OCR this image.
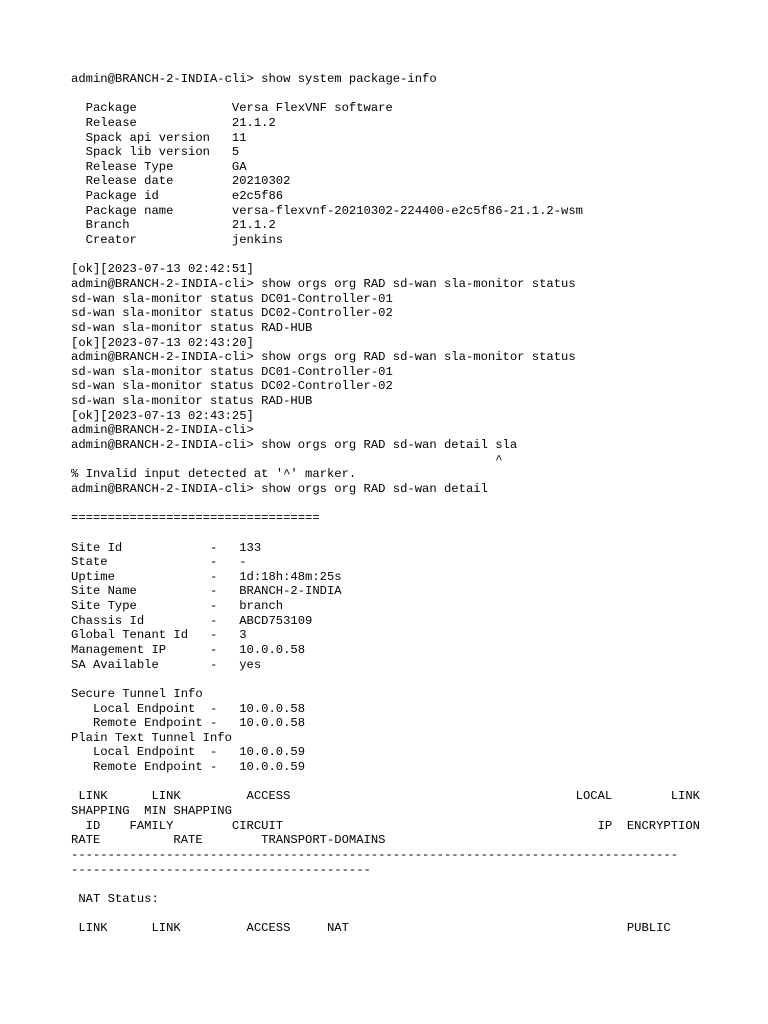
admin@BRANCH-2-INDIA-cli> show system package-info
Package             Versa FlexVNF software
Release             21.1.2
Spack api version   11
Spack lib version   5
Release Type        GA
Release date        20210302
Package id          e2c5f86
Package name        versa-flexvnf-20210302-224400-e2c5f86-21.1.2-wsm
Branch              21.1.2
Creator             jenkins
[ok][2023-07-13 02:42:51]
admin@BRANCH-2-INDIA-cli> show orgs org RAD sd-wan sla-monitor status
sd-wan sla-monitor status DC01-Controller-01
sd-wan sla-monitor status DC02-Controller-02
sd-wan sla-monitor status RAD-HUB
[ok][2023-07-13 02:43:20]
admin@BRANCH-2-INDIA-cli> show orgs org RAD sd-wan sla-monitor status
sd-wan sla-monitor status DC01-Controller-01
sd-wan sla-monitor status DC02-Controller-02
sd-wan sla-monitor status RAD-HUB
[ok][2023-07-13 02:43:25]
admin@BRANCH-2-INDIA-cli>
admin@BRANCH-2-INDIA-cli> show orgs org RAD sd-wan detail sla
^
% Invalid input detected at '^' marker.
admin@BRANCH-2-INDIA-cli> show orgs org RAD sd-wan detail
==================================
Site Id            -   133
State              -   -
Uptime             -   1d:18h:48m:25s
Site Name          -   BRANCH-2-INDIA
Site Type          -   branch
Chassis Id         -   ABCD753109
Global Tenant Id   -   3
Management IP      -   10.0.0.58
SA Available       -   yes
Secure Tunnel Info
Local Endpoint  -   10.0.0.58
Remote Endpoint -   10.0.0.58
Plain Text Tunnel Info
Local Endpoint  -   10.0.0.59
Remote Endpoint -   10.0.0.59
LINK      LINK         ACCESS                                       LOCAL        LINK
SHAPPING  MIN SHAPPING
ID    FAMILY        CIRCUIT                                           IP  ENCRYPTION
RATE          RATE        TRANSPORT-DOMAINS
-----------------------------------------------------------------------------------
-----------------------------------------
NAT Status:
LINK      LINK         ACCESS     NAT                                      PUBLIC
